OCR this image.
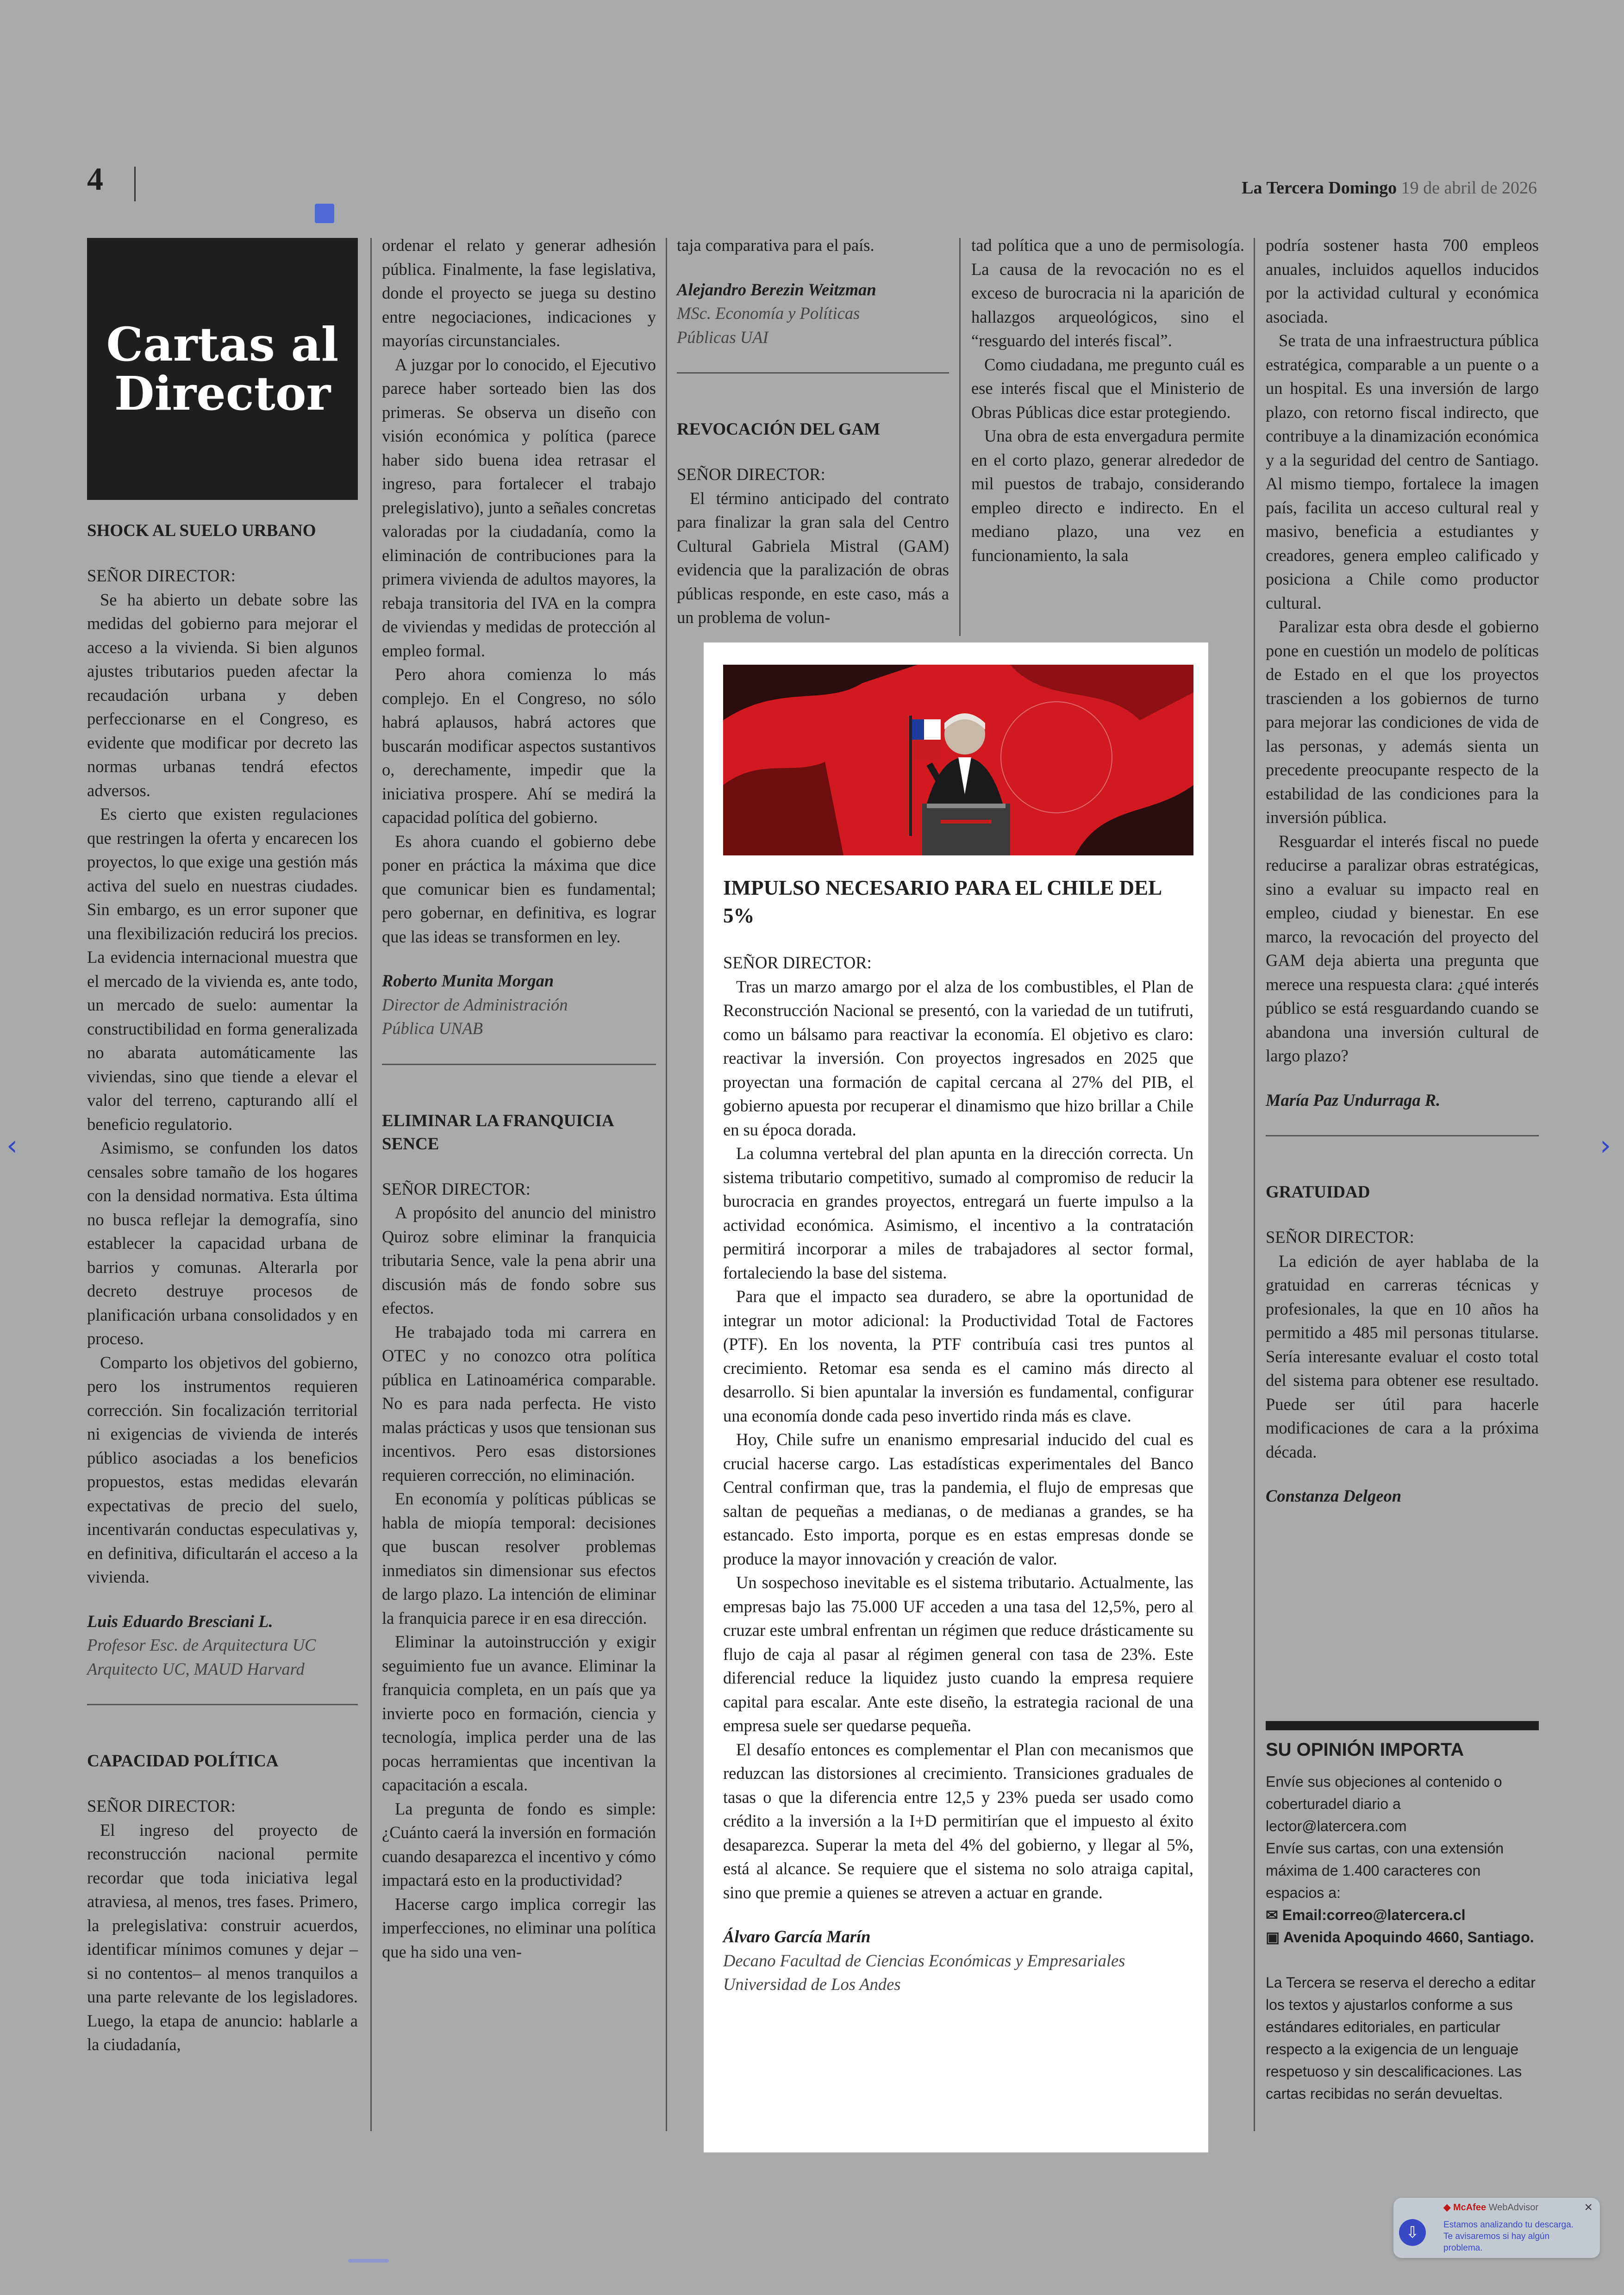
4	La Tercera Domingo 19 de abril de 2026
‹	›
Cartas al Director
SHOCK AL SUELO URBANO

SEÑOR DIRECTOR:

Se ha abierto un debate sobre las medidas del gobierno para mejorar el acceso a la vivienda. Si bien algunos ajustes tributarios pueden afectar la recaudación urbana y deben perfeccionarse en el Congreso, es evidente que modificar por decreto las normas urbanas tendrá efectos adversos.

Es cierto que existen regulaciones que restringen la oferta y encarecen los proyectos, lo que exige una gestión más activa del suelo en nuestras ciudades. Sin embargo, es un error suponer que una flexibilización reducirá los precios. La evidencia internacional muestra que el mercado de la vivienda es, ante todo, un mercado de suelo: aumentar la constructibilidad en forma generalizada no abarata automáticamente las viviendas, sino que tiende a elevar el valor del terreno, capturando allí el beneficio regulatorio.

Asimismo, se confunden los datos censales sobre tamaño de los hogares con la densidad normativa. Esta última no busca reflejar la demografía, sino establecer la capacidad urbana de barrios y comunas. Alterarla por decreto destruye procesos de planificación urbana consolidados y en proceso.

Comparto los objetivos del gobierno, pero los instrumentos requieren corrección. Sin focalización territorial ni exigencias de vivienda de interés público asociadas a los beneficios propuestos, estas medidas elevarán expectativas de precio del suelo, incentivarán conductas especulativas y, en definitiva, dificultarán el acceso a la vivienda.

Luis Eduardo Bresciani L.
Profesor Esc. de Arquitectura UC
Arquitecto UC, MAUD Harvard
CAPACIDAD POLÍTICA

SEÑOR DIRECTOR:

El ingreso del proyecto de reconstrucción nacional permite recordar que toda iniciativa legal atraviesa, al menos, tres fases. Primero, la prelegislativa: construir acuerdos, identificar mínimos comunes y dejar –si no contentos– al menos tranquilos a una parte relevante de los legisladores. Luego, la etapa de anuncio: hablarle a la ciudadanía,

ordenar el relato y generar adhesión pública. Finalmente, la fase legislativa, donde el proyecto se juega su destino entre negociaciones, indicaciones y mayorías circunstanciales.

A juzgar por lo conocido, el Ejecutivo parece haber sorteado bien las dos primeras. Se observa un diseño con visión económica y política (parece haber sido buena idea retrasar el ingreso, para fortalecer el trabajo prelegislativo), junto a señales concretas valoradas por la ciudadanía, como la eliminación de contribuciones para la primera vivienda de adultos mayores, la rebaja transitoria del IVA en la compra de viviendas y medidas de protección al empleo formal.

Pero ahora comienza lo más complejo. En el Congreso, no sólo habrá aplausos, habrá actores que buscarán modificar aspectos sustantivos o, derechamente, impedir que la iniciativa prospere. Ahí se medirá la capacidad política del gobierno.

Es ahora cuando el gobierno debe poner en práctica la máxima que dice que comunicar bien es fundamental; pero gobernar, en definitiva, es lograr que las ideas se transformen en ley.

Roberto Munita Morgan
Director de Administración
Pública UNAB
ELIMINAR LA FRANQUICIA SENCE

SEÑOR DIRECTOR:

A propósito del anuncio del ministro Quiroz sobre eliminar la franquicia tributaria Sence, vale la pena abrir una discusión más de fondo sobre sus efectos.

He trabajado toda mi carrera en OTEC y no conozco otra política pública en Latinoamérica comparable. No es para nada perfecta. He visto malas prácticas y usos que tensionan sus incentivos. Pero esas distorsiones requieren corrección, no eliminación.

En economía y políticas públicas se habla de miopía temporal: decisiones que buscan resolver problemas inmediatos sin dimensionar sus efectos de largo plazo. La intención de eliminar la franquicia parece ir en esa dirección.

Eliminar la autoinstrucción y exigir seguimiento fue un avance. Eliminar la franquicia completa, en un país que ya invierte poco en formación, ciencia y tecnología, implica perder una de las pocas herramientas que incentivan la capacitación a escala.

La pregunta de fondo es simple: ¿Cuánto caerá la inversión en formación cuando desaparezca el incentivo y cómo impactará esto en la productividad?

Hacerse cargo implica corregir las imperfecciones, no eliminar una política que ha sido una ven-

taja comparativa para el país.

Alejandro Berezin Weitzman
MSc. Economía y Políticas
Públicas UAI
REVOCACIÓN DEL GAM

SEÑOR DIRECTOR:

El término anticipado del contrato para finalizar la gran sala del Centro Cultural Gabriela Mistral (GAM) evidencia que la paralización de obras públicas responde, en este caso, más a un problema de volun-

tad política que a uno de permisología. La causa de la revocación no es el exceso de burocracia ni la aparición de hallazgos arqueológicos, sino el “resguardo del interés fiscal”.

Como ciudadana, me pregunto cuál es ese interés fiscal que el Ministerio de Obras Públicas dice estar protegiendo.

Una obra de esta envergadura permite en el corto plazo, generar alrededor de mil puestos de trabajo, considerando empleo directo e indirecto. En el mediano plazo, una vez en funcionamiento, la sala

podría sostener hasta 700 empleos anuales, incluidos aquellos inducidos por la actividad cultural y económica asociada.

Se trata de una infraestructura pública estratégica, comparable a un puente o a un hospital. Es una inversión de largo plazo, con retorno fiscal indirecto, que contribuye a la dinamización económica y a la seguridad del centro de Santiago. Al mismo tiempo, fortalece la imagen país, facilita un acceso cultural real y masivo, beneficia a estudiantes y creadores, genera empleo calificado y posiciona a Chile como productor cultural.

Paralizar esta obra desde el gobierno pone en cuestión un modelo de políticas de Estado en el que los proyectos trascienden a los gobiernos de turno para mejorar las condiciones de vida de las personas, y además sienta un precedente preocupante respecto de la estabilidad de las condiciones para la inversión pública.

Resguardar el interés fiscal no puede reducirse a paralizar obras estratégicas, sino a evaluar su impacto real en empleo, ciudad y bienestar. En ese marco, la revocación del proyecto del GAM deja abierta una pregunta que merece una respuesta clara: ¿qué interés público se está resguardando cuando se abandona una inversión cultural de largo plazo?

María Paz Undurraga R.
GRATUIDAD

SEÑOR DIRECTOR:

La edición de ayer hablaba de la gratuidad en carreras técnicas y profesionales, la que en 10 años ha permitido a 485 mil personas titularse. Sería interesante evaluar el costo total del sistema para obtener ese resultado. Puede ser útil para hacerle modificaciones de cara a la próxima década.

Constanza Delgeon
IMPULSO NECESARIO PARA EL CHILE DEL 5%

SEÑOR DIRECTOR:

Tras un marzo amargo por el alza de los combustibles, el Plan de Reconstrucción Nacional se presentó, con la variedad de un tutifruti, como un bálsamo para reactivar la economía. El objetivo es claro: reactivar la inversión. Con proyectos ingresados en 2025 que proyectan una formación de capital cercana al 27% del PIB, el gobierno apuesta por recuperar el dinamismo que hizo brillar a Chile en su época dorada.

La columna vertebral del plan apunta en la dirección correcta. Un sistema tributario competitivo, sumado al compromiso de reducir la burocracia en grandes proyectos, entregará un fuerte impulso a la actividad económica. Asimismo, el incentivo a la contratación permitirá incorporar a miles de trabajadores al sector formal, fortaleciendo la base del sistema.

Para que el impacto sea duradero, se abre la oportunidad de integrar un motor adicional: la Productividad Total de Factores (PTF). En los noventa, la PTF contribuía casi tres puntos al crecimiento. Retomar esa senda es el camino más directo al desarrollo. Si bien apuntalar la inversión es fundamental, configurar una economía donde cada peso invertido rinda más es clave.

Hoy, Chile sufre un enanismo empresarial inducido del cual es crucial hacerse cargo. Las estadísticas experimentales del Banco Central confirman que, tras la pandemia, el flujo de empresas que saltan de pequeñas a medianas, o de medianas a grandes, se ha estancado. Esto importa, porque es en estas empresas donde se produce la mayor innovación y creación de valor.

Un sospechoso inevitable es el sistema tributario. Actualmente, las empresas bajo las 75.000 UF acceden a una tasa del 12,5%, pero al cruzar este umbral enfrentan un régimen que reduce drásticamente su flujo de caja al pasar al régimen general con tasa de 23%. Este diferencial reduce la liquidez justo cuando la empresa requiere capital para escalar. Ante este diseño, la estrategia racional de una empresa suele ser quedarse pequeña.

El desafío entonces es complementar el Plan con mecanismos que reduzcan las distorsiones al crecimiento. Transiciones graduales de tasas o que la diferencia entre 12,5 y 23% pueda ser usado como crédito a la inversión a la I+D permitirían que el impuesto al éxito desaparezca. Superar la meta del 4% del gobierno, y llegar al 5%, está al alcance. Se requiere que el sistema no solo atraiga capital, sino que premie a quienes se atreven a actuar en grande.

Álvaro García Marín
Decano Facultad de Ciencias Económicas y Empresariales
Universidad de Los Andes
SU OPINIÓN IMPORTA

Envíe sus objeciones al contenido o

coberturadel diario a

lector@latercera.com

Envíe sus cartas, con una extensión

máxima de 1.400 caracteres con

espacios a:

✉ Email:correo@latercera.cl

▣ Avenida Apoquindo 4660, Santiago.

La Tercera se reserva el derecho a editar

los textos y ajustarlos conforme a sus

estándares editoriales, en particular

respecto a la exigencia de un lenguaje

respetuoso y sin descalificaciones. Las

cartas recibidas no serán devueltas.

⇩
◆ McAfee WebAdvisor	×
Estamos analizando tu descarga.
Te avisaremos si hay algún
problema.
